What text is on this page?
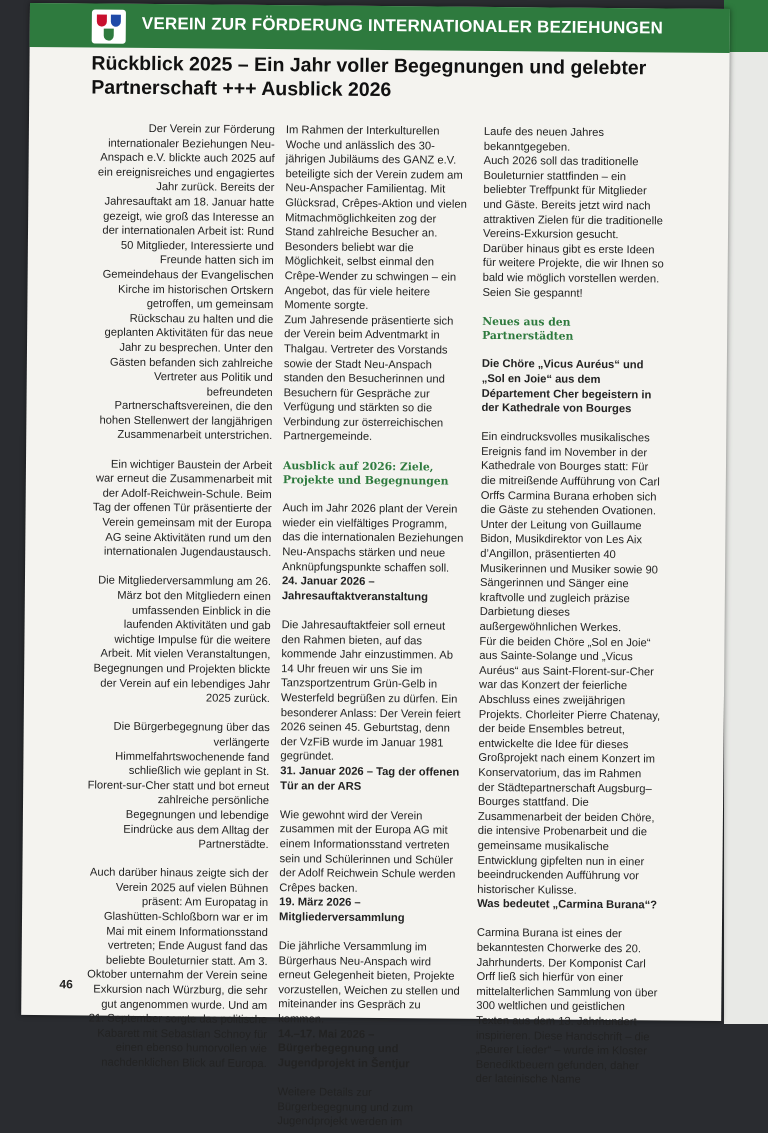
VEREIN ZUR FÖRDERUNG INTERNATIONALER BEZIEHUNGEN
Rückblick 2025 – Ein Jahr voller Begegnungen und gelebter Partnerschaft +++ Ausblick 2026

Der Verein zur Förderung internationaler Beziehungen Neu-Anspach e.V. blickte auch 2025 auf ein ereignisreiches und engagiertes Jahr zurück. Bereits der Jahresauftakt am 18. Januar hatte gezeigt, wie groß das Interesse an der internationalen Arbeit ist: Rund 50 Mitglieder, Interessierte und Freunde hatten sich im Gemeindehaus der Evangelischen Kirche im historischen Ortskern getroffen, um gemeinsam Rückschau zu halten und die geplanten Aktivitäten für das neue Jahr zu besprechen. Unter den Gästen befanden sich zahlreiche Vertreter aus Politik und befreundeten Partnerschaftsvereinen, die den hohen Stellenwert der langjährigen Zusammenarbeit unterstrichen.

Ein wichtiger Baustein der Arbeit war erneut die Zusammenarbeit mit der Adolf-Reichwein-Schule. Beim Tag der offenen Tür präsentierte der Verein gemeinsam mit der Europa AG seine Aktivitäten rund um den internationalen Jugendaustausch.

Die Mitgliederversammlung am 26. März bot den Mitgliedern einen umfassenden Einblick in die laufenden Aktivitäten und gab wichtige Impulse für die weitere Arbeit. Mit vielen Veranstaltungen, Begegnungen und Projekten blickte der Verein auf ein lebendiges Jahr 2025 zurück.

Die Bürgerbegegnung über das verlängerte Himmelfahrtswochenende fand schließlich wie geplant in St. Florent-sur-Cher statt und bot erneut zahlreiche persönliche Begegnungen und lebendige Eindrücke aus dem Alltag der Partnerstädte.

Auch darüber hinaus zeigte sich der Verein 2025 auf vielen Bühnen präsent: Am Europatag in Glashütten-Schloßborn war er im Mai mit einem Informationsstand vertreten; Ende August fand das beliebte Bouleturnier statt. Am 3. Oktober unternahm der Verein seine Exkursion nach Würzburg, die sehr gut angenommen wurde. Und am 21. September sorgte das politische Kabarett mit Sebastian Schnoy für einen ebenso humorvollen wie nachdenklichen Blick auf Europa.

Im Rahmen der Interkulturellen Woche und anlässlich des 30-jährigen Jubiläums des GANZ e.V. beteiligte sich der Verein zudem am Neu-Anspacher Familientag. Mit Glücksrad, Crêpes-Aktion und vielen Mitmachmöglichkeiten zog der Stand zahlreiche Besucher an. Besonders beliebt war die Möglichkeit, selbst einmal den Crêpe-Wender zu schwingen – ein Angebot, das für viele heitere Momente sorgte.

Zum Jahresende präsentierte sich der Verein beim Adventmarkt in Thalgau. Vertreter des Vorstands sowie der Stadt Neu-Anspach standen den Besucherinnen und Besuchern für Gespräche zur Verfügung und stärkten so die Verbindung zur österreichischen Partnergemeinde.

Ausblick auf 2026: Ziele, Projekte und Begegnungen

Auch im Jahr 2026 plant der Verein wieder ein vielfältiges Programm, das die internationalen Beziehungen Neu-Anspachs stärken und neue Anknüpfungspunkte schaffen soll.

24. Januar 2026 – Jahresauftaktveranstaltung

Die Jahresauftaktfeier soll erneut den Rahmen bieten, auf das kommende Jahr einzustimmen. Ab 14 Uhr freuen wir uns Sie im Tanzsportzentrum Grün-Gelb in Westerfeld begrüßen zu dürfen. Ein besonderer Anlass: Der Verein feiert 2026 seinen 45. Geburtstag, denn der VzFiB wurde im Januar 1981 gegründet.

31. Januar 2026 – Tag der offenen Tür an der ARS

Wie gewohnt wird der Verein zusammen mit der Europa AG mit einem Informationsstand vertreten sein und Schülerinnen und Schüler der Adolf Reichwein Schule werden Crêpes backen.

19. März 2026 – Mitgliederversammlung

Die jährliche Versammlung im Bürgerhaus Neu-Anspach wird erneut Gelegenheit bieten, Projekte vorzustellen, Weichen zu stellen und miteinander ins Gespräch zu kommen.

14.–17. Mai 2026 – Bürgerbegegnung und Jugendprojekt in Šentjur

Weitere Details zur Bürgerbegegnung und zum Jugendprojekt werden im

Laufe des neuen Jahres bekanntgegeben.

Auch 2026 soll das traditionelle Bouleturnier stattfinden – ein beliebter Treffpunkt für Mitglieder und Gäste. Bereits jetzt wird nach attraktiven Zielen für die traditionelle Vereins-Exkursion gesucht.

Darüber hinaus gibt es erste Ideen für weitere Projekte, die wir Ihnen so bald wie möglich vorstellen werden. Seien Sie gespannt!

Neues aus den Partnerstädten

Die Chöre „Vicus Auréus“ und „Sol en Joie“ aus dem Département Cher begeistern in der Kathedrale von Bourges

Ein eindrucksvolles musikalisches Ereignis fand im November in der Kathedrale von Bourges statt: Für die mitreißende Aufführung von Carl Orffs Carmina Burana erhoben sich die Gäste zu stehenden Ovationen. Unter der Leitung von Guillaume Bidon, Musikdirektor von Les Aix d’Angillon, präsentierten 40 Musikerinnen und Musiker sowie 90 Sängerinnen und Sänger eine kraftvolle und zugleich präzise Darbietung dieses außergewöhnlichen Werkes.

Für die beiden Chöre „Sol en Joie“ aus Sainte-Solange und „Vicus Auréus“ aus Saint-Florent-sur-Cher war das Konzert der feierliche Abschluss eines zweijährigen Projekts. Chorleiter Pierre Chatenay, der beide Ensembles betreut, entwickelte die Idee für dieses Großprojekt nach einem Konzert im Konservatorium, das im Rahmen der Städtepartnerschaft Augsburg–Bourges stattfand. Die Zusammenarbeit der beiden Chöre, die intensive Probenarbeit und die gemeinsame musikalische Entwicklung gipfelten nun in einer beeindruckenden Aufführung vor historischer Kulisse.

Was bedeutet „Carmina Burana“?

Carmina Burana ist eines der bekanntesten Chorwerke des 20. Jahrhunderts. Der Komponist Carl Orff ließ sich hierfür von einer mittelalterlichen Sammlung von über 300 weltlichen und geistlichen Texten aus dem 13. Jahrhundert inspirieren. Diese Handschrift – die „Beurer Lieder“ – wurde im Kloster Benediktbeuern gefunden, daher der lateinische Name

46
